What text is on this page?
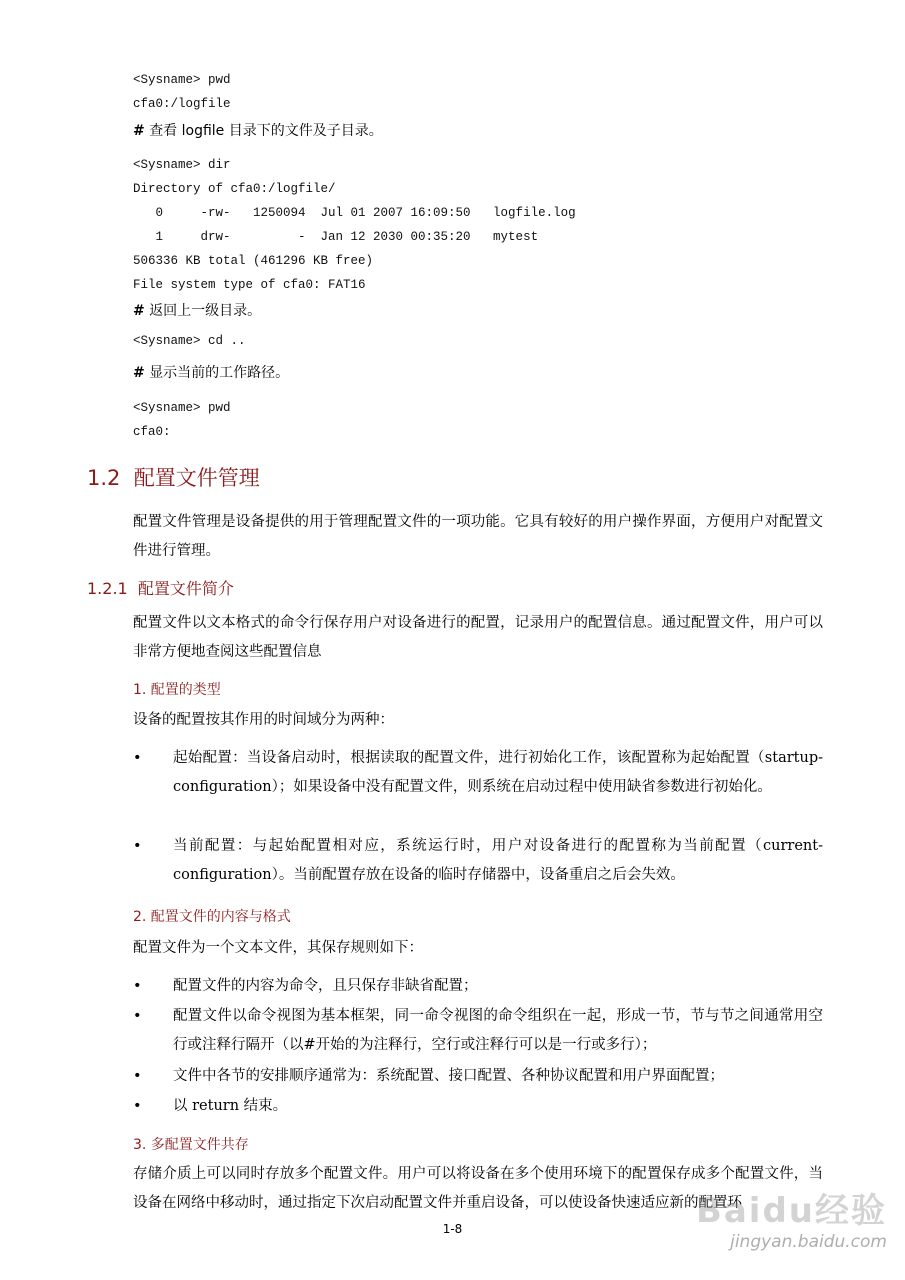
<Sysname> pwd
cfa0:/logfile
# 查看 logfile 目录下的文件及子目录。
<Sysname> dir
Directory of cfa0:/logfile/
0     -rw-   1250094  Jul 01 2007 16:09:50   logfile.log
1     drw-         -  Jan 12 2030 00:35:20   mytest
506336 KB total (461296 KB free)
File system type of cfa0: FAT16
# 返回上一级目录。
<Sysname> cd ..
# 显示当前的工作路径。
<Sysname> pwd
cfa0:
1.2 配置文件管理
配置文件管理是设备提供的用于管理配置文件的一项功能。它具有较好的用户操作界面，方便用户对配置文件进行管理。
1.2.1 配置文件简介
配置文件以文本格式的命令行保存用户对设备进行的配置，记录用户的配置信息。通过配置文件，用户可以非常方便地查阅这些配置信息
1. 配置的类型
设备的配置按其作用的时间域分为两种：
•	起始配置：当设备启动时，根据读取的配置文件，进行初始化工作，该配置称为起始配置（startup-configuration）；如果设备中没有配置文件，则系统在启动过程中使用缺省参数进行初始化。
•	当前配置：与起始配置相对应，系统运行时，用户对设备进行的配置称为当前配置（current-configuration）。当前配置存放在设备的临时存储器中，设备重启之后会失效。
2. 配置文件的内容与格式
配置文件为一个文本文件，其保存规则如下：
•	配置文件的内容为命令，且只保存非缺省配置；
•	配置文件以命令视图为基本框架，同一命令视图的命令组织在一起，形成一节，节与节之间通常用空行或注释行隔开（以#开始的为注释行，空行或注释行可以是一行或多行）；
•	文件中各节的安排顺序通常为：系统配置、接口配置、各种协议配置和用户界面配置；
•	以 return 结束。
3. 多配置文件共存
存储介质上可以同时存放多个配置文件。用户可以将设备在多个使用环境下的配置保存成多个配置文件，当设备在网络中移动时，通过指定下次启动配置文件并重启设备，可以使设备快速适应新的配置环
1-8	Baidu经验
jingyan.baidu.com
